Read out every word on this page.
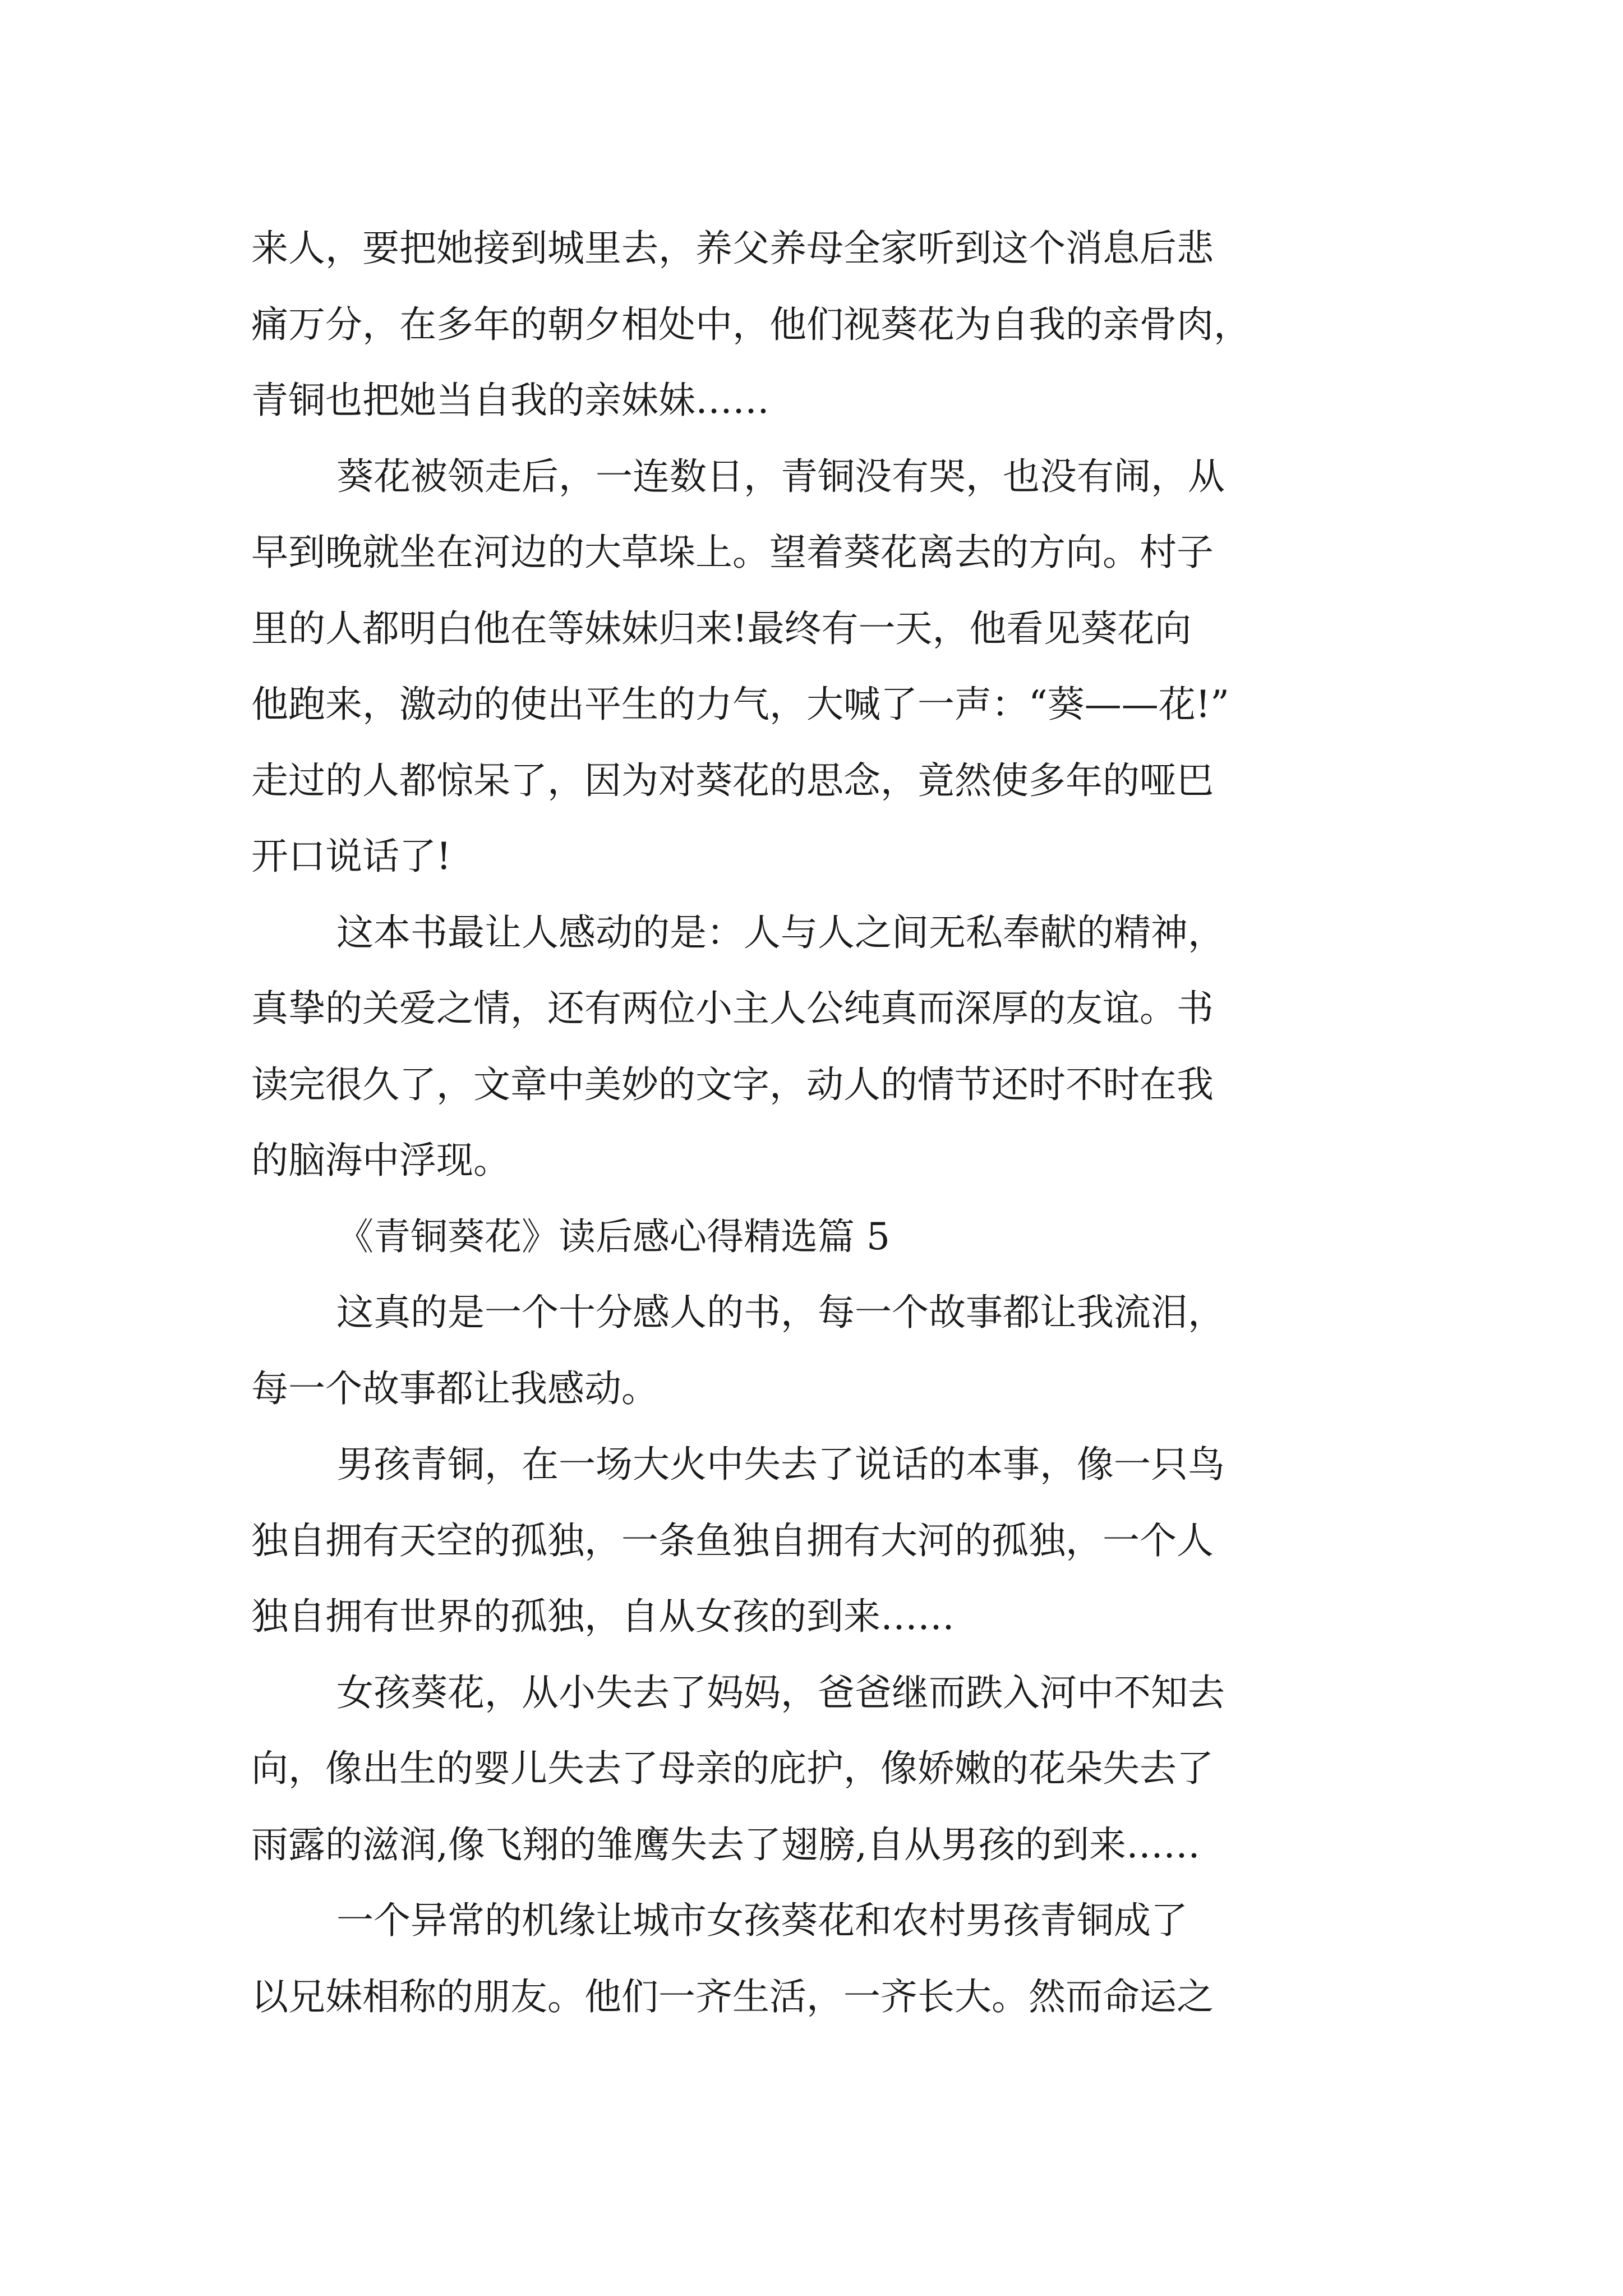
来人，要把她接到城里去，养父养母全家听到这个消息后悲
痛万分，在多年的朝夕相处中，他们视葵花为自我的亲骨肉，
青铜也把她当自我的亲妹妹……
葵花被领走后，一连数日，青铜没有哭，也没有闹，从
早到晚就坐在河边的大草垛上。望着葵花离去的方向。村子
里的人都明白他在等妹妹归来!最终有一天，他看见葵花向
他跑来，激动的使出平生的力气，大喊了一声：“葵——花!”
走过的人都惊呆了，因为对葵花的思念，竟然使多年的哑巴
开口说话了!
这本书最让人感动的是：人与人之间无私奉献的精神，
真挚的关爱之情，还有两位小主人公纯真而深厚的友谊。书
读完很久了，文章中美妙的文字，动人的情节还时不时在我
的脑海中浮现。
《青铜葵花》读后感心得精选篇 5
这真的是一个十分感人的书，每一个故事都让我流泪，
每一个故事都让我感动。
男孩青铜，在一场大火中失去了说话的本事，像一只鸟
独自拥有天空的孤独，一条鱼独自拥有大河的孤独，一个人
独自拥有世界的孤独，自从女孩的到来……
女孩葵花，从小失去了妈妈，爸爸继而跌入河中不知去
向，像出生的婴儿失去了母亲的庇护，像娇嫩的花朵失去了
雨露的滋润,像飞翔的雏鹰失去了翅膀,自从男孩的到来……
一个异常的机缘让城市女孩葵花和农村男孩青铜成了
以兄妹相称的朋友。他们一齐生活，一齐长大。然而命运之
